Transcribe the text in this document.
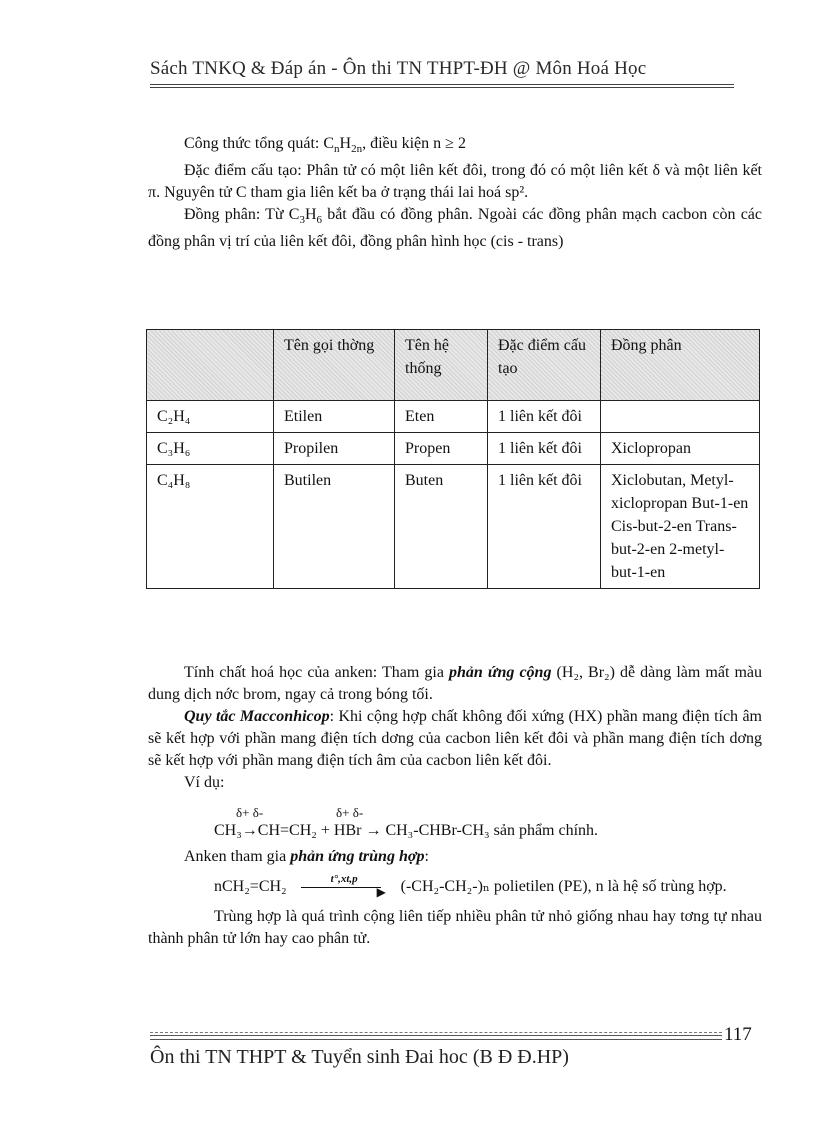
Sách TNKQ & Đáp án - Ôn thi TN THPT-ĐH @ Môn Hoá Học

Công thức tổng quát: $C_nH_{2n}$, điều kiện n ≥ 2

Đặc điểm cấu tạo: Phân tử có một liên kết đôi, trong đó có một liên kết δ và một liên kết π. Nguyên tử C tham gia liên kết ba ở trạng thái lai hoá sp².

Đồng phân: Từ $C_3H_6$ bắt đầu có đồng phân. Ngoài các đồng phân mạch cacbon còn các đồng phân vị trí của liên kết đôi, đồng phân hình học (cis - trans)

	Tên gọi thờng	Tên hệ thống	Đặc điểm cấu tạo	Đồng phân
C₂H₄	Etilen	Eten	1 liên kết đôi	
C₃H₆	Propilen	Propen	1 liên kết đôi	Xiclopropan
C₄H₈	Butilen	Buten	1 liên kết đôi	Xiclobutan, Metyl-xiclopropan But-1-en Cis-but-2-en Trans-but-2-en 2-metyl-but-1-en

Tính chất hoá học của anken: Tham gia phản ứng cộng (H₂, Br₂) dễ dàng làm mất màu dung dịch nớc brom, ngay cả trong bóng tối.

Quy tắc Macconhicop: Khi cộng hợp chất không đối xứng (HX) phần mang điện tích âm sẽ kết hợp với phần mang điện tích dơng của cacbon liên kết đôi và phần mang điện tích dơng sẽ kết hợp với phần mang điện tích âm của cacbon liên kết đôi.

Ví dụ:

δ+ δ-	δ+ δ-
CH₃→CH=CH₂ + HBr → CH₃-CHBr-CH₃ sản phẩm chính.

Anken tham gia phản ứng trùng hợp:

nCH₂=CH₂	t°,xt,p
▶ (-CH₂-CH₂-)ₙ polietilen (PE), n là hệ số trùng hợp.

Trùng hợp là quá trình cộng liên tiếp nhiều phân tử nhỏ giống nhau hay tơng tự nhau thành phân tử lớn hay cao phân tử.

117
Ôn thi TN THPT & Tuyển sinh Đai hoc (B Đ Đ.HP)
